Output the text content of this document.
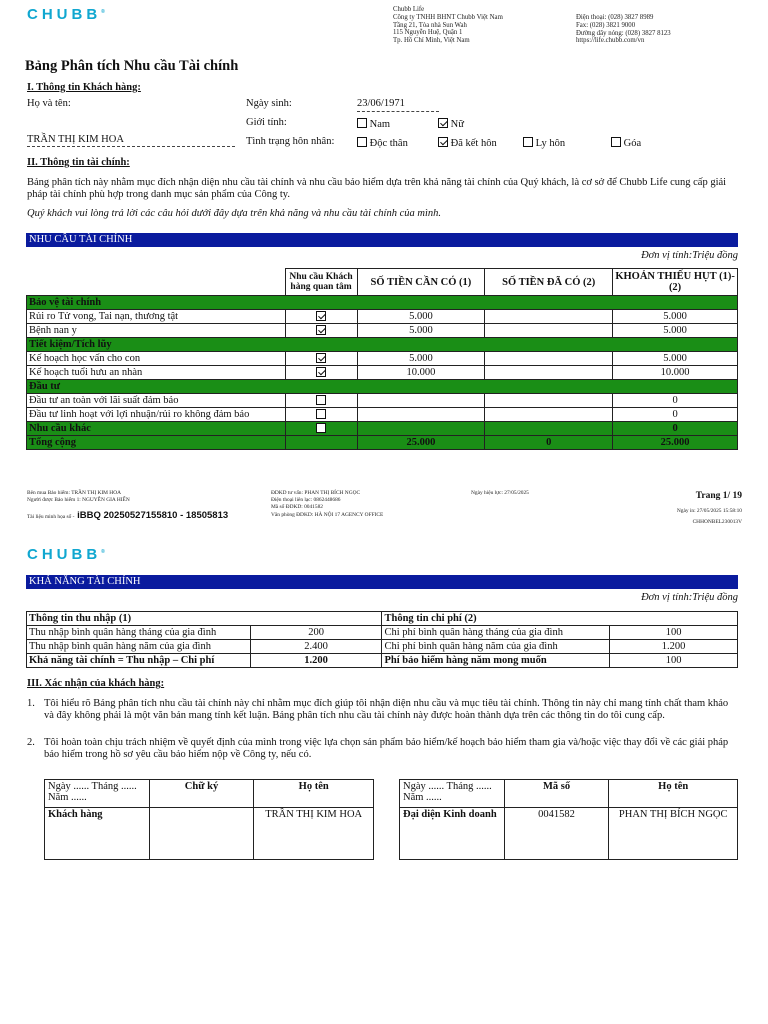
CHUBB®	Chubb Life
Công ty TNHH BHNT Chubb Việt Nam
Tầng 21, Tòa nhà Sun Wah
115 Nguyễn Huệ, Quận 1
Tp. Hồ Chí Minh, Việt Nam
Điện thoại: (028) 3827 8989
Fax: (028) 3821 9000
Đường dây nóng: (028) 3827 8123
https://life.chubb.com/vn
Bảng Phân tích Nhu cầu Tài chính
I. Thông tin Khách hàng:
Họ và tên:
TRẦN THỊ KIM HOA
Ngày sinh:	23/06/1971
Giới tính:	Nam	Nữ
Tình trạng hôn nhân:	Độc thân	Đã kết hôn	Ly hôn	Góa
II. Thông tin tài chính:
Bảng phân tích này nhằm mục đích nhận diện nhu cầu tài chính và nhu cầu bảo hiểm dựa trên khả năng tài chính của Quý khách, là cơ sở để Chubb Life cung cấp giải pháp tài chính phù hợp trong danh mục sản phẩm của Công ty.
Quý khách vui lòng trả lời các câu hỏi dưới đây dựa trên khả năng và nhu cầu tài chính của mình.
NHU CẦU TÀI CHÍNH
Đơn vị tính:Triệu đồng
	Nhu cầu Khách hàng quan tâm	SỐ TIỀN CẦN CÓ (1)	SỐ TIỀN ĐÃ CÓ (2)	KHOẢN THIẾU HỤT (1)-(2)
Bảo vệ tài chính				
Rủi ro Tử vong, Tai nạn, thương tật		5.000		5.000
Bệnh nan y		5.000		5.000
Tiết kiệm/Tích lũy				
Kế hoạch học vấn cho con		5.000		5.000
Kế hoạch tuổi hưu an nhàn		10.000		10.000
Đầu tư				
Đầu tư an toàn với lãi suất đảm bảo				0
Đầu tư linh hoạt với lợi nhuận/rủi ro không đảm bảo				0
Nhu cầu khác				0
Tổng cộng		25.000	0	25.000
Bên mua Bảo hiểm: TRẦN THỊ KIM HOA
Người được Bảo hiểm 1: NGUYỄN GIA HIỂN
Tài liệu minh họa số - iBBQ 20250527155810 - 18505813
ĐDKD tư vấn: PHAN THỊ BÍCH NGỌC
Điện thoại liên lạc: 0862448686
Mã số ĐDKD: 0041582
Văn phòng ĐDKD: HÀ NỘI 17 AGENCY OFFICE
Ngày hiệu lực: 27/05/2025	Trang 1/ 19
Ngày in: 27/05/2025 15:58:10
CHHONBEL230013V
CHUBB®
KHẢ NĂNG TÀI CHÍNH
Đơn vị tính:Triệu đồng
Thông tin thu nhập (1)		Thông tin chi phí (2)	
Thu nhập bình quân hàng tháng của gia đình	200	Chi phí bình quân hàng tháng của gia đình	100
Thu nhập bình quân hàng năm của gia đình	2.400	Chi phí bình quân hàng năm của gia đình	1.200
Khả năng tài chính = Thu nhập – Chi phí	1.200	Phí bảo hiểm hàng năm mong muốn	100
III. Xác nhận của khách hàng:
1. Tôi hiểu rõ Bảng phân tích nhu cầu tài chính này chỉ nhằm mục đích giúp tôi nhận diện nhu cầu và mục tiêu tài chính. Thông tin này chỉ mang tính chất tham khảo và đây không phải là một văn bản mang tính kết luận. Bảng phân tích nhu cầu tài chính này được hoàn thành dựa trên các thông tin do tôi cung cấp.
2. Tôi hoàn toàn chịu trách nhiệm về quyết định của mình trong việc lựa chọn sản phẩm bảo hiểm/kế hoạch bảo hiểm tham gia và/hoặc việc thay đổi về các giải pháp bảo hiểm trong hồ sơ yêu cầu bảo hiểm nộp về Công ty, nếu có.
Ngày ...... Tháng ...... Năm ......	Chữ ký	Họ tên
Khách hàng		TRẦN THỊ KIM HOA
Ngày ...... Tháng ...... Năm ......	Mã số	Họ tên
Đại diện Kinh doanh	0041582	PHAN THỊ BÍCH NGỌC
